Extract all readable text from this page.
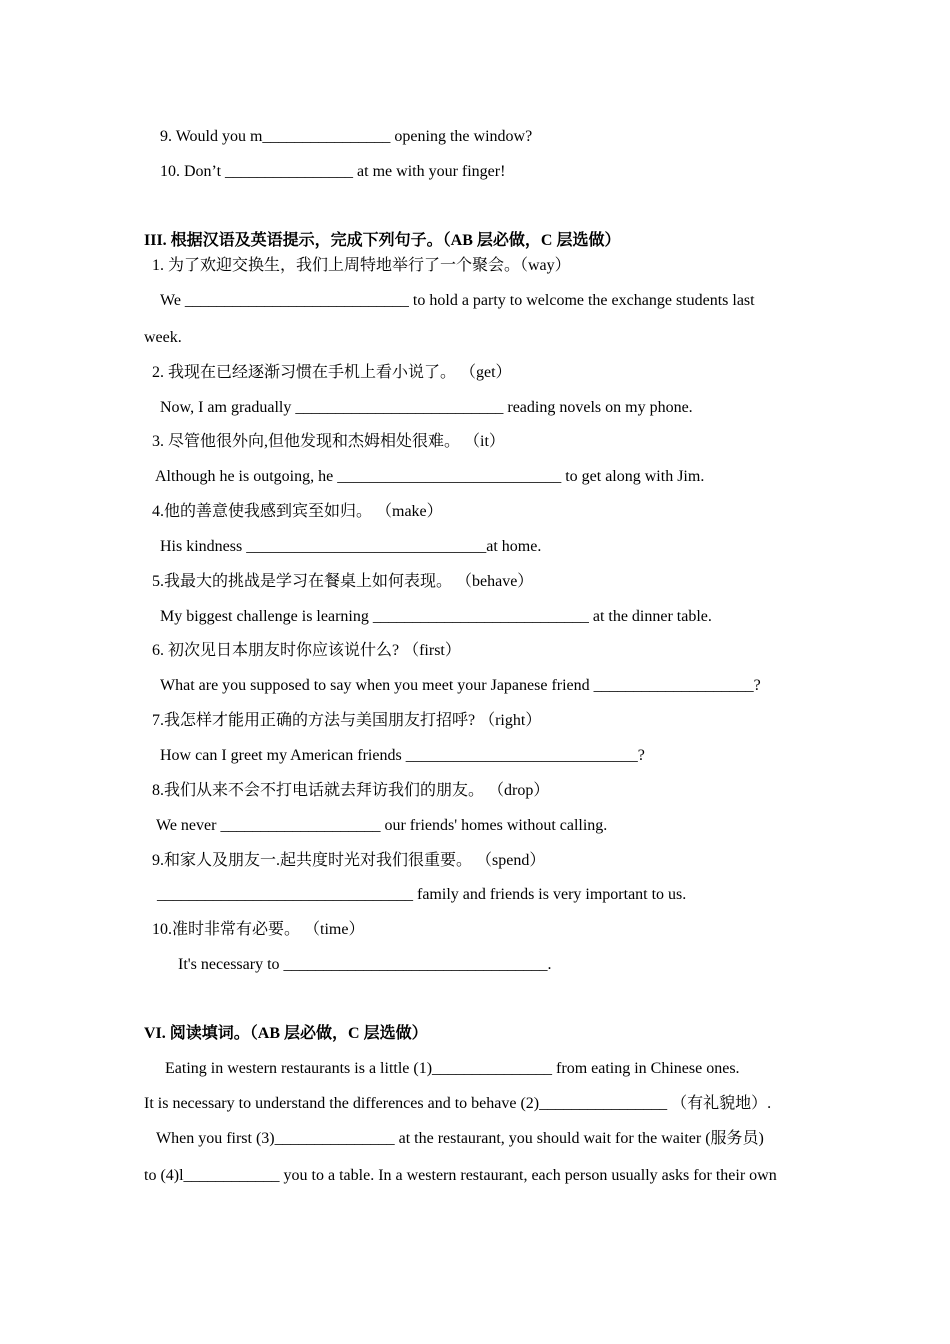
9. Would you m________________ opening the window?
10. Don’t ________________ at me with your finger!
III. 根据汉语及英语提示，完成下列句子。（AB 层必做，C 层选做）
1. 为了欢迎交换生，我们上周特地举行了一个聚会。（way）
We ____________________________ to hold a party to welcome the exchange students last
week.
2. 我现在已经逐渐习惯在手机上看小说了。 （get）
Now, I am gradually __________________________ reading novels on my phone.
3. 尽管他很外向,但他发现和杰姆相处很难。 （it）
Although he is outgoing, he ____________________________ to get along with Jim.
4.他的善意使我感到宾至如归。 （make）
His kindness ______________________________at home.
5.我最大的挑战是学习在餐桌上如何表现。 （behave）
My biggest challenge is learning ___________________________ at the dinner table.
6. 初次见日本朋友时你应该说什么? （first）
What are you supposed to say when you meet your Japanese friend ____________________?
7.我怎样才能用正确的方法与美国朋友打招呼? （right）
How can I greet my American friends _____________________________?
8.我们从来不会不打电话就去拜访我们的朋友。 （drop）
We never ____________________ our friends' homes without calling.
9.和家人及朋友一.起共度时光对我们很重要。 （spend）
________________________________ family and friends is very important to us.
10.准时非常有必要。 （time）
It's necessary to _________________________________.
VI. 阅读填词。（AB 层必做，C 层选做）
Eating in western restaurants is a little (1)_______________ from eating in Chinese ones.
It is necessary to understand the differences and to behave (2)________________ （有礼貌地）.
When you first (3)_______________ at the restaurant, you should wait for the waiter (服务员)
to (4)l____________ you to a table. In a western restaurant, each person usually asks for their own
